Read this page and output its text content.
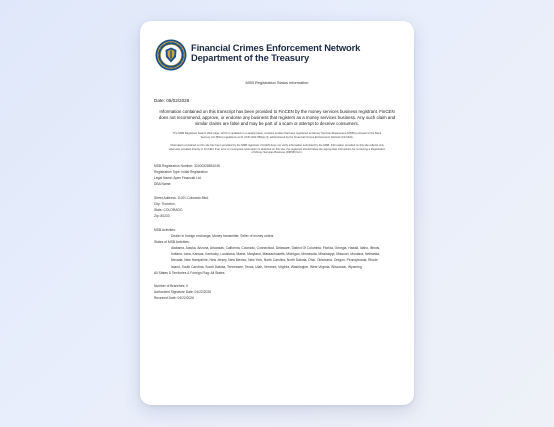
Financial Crimes Enforcement Network
Department of the Treasury
MSB Registration Status Information
Date: 05/02/2026
Information contained on this transcript has been provided to FinCEN by the money services business registrant. FinCEN does not recommend, approve, or endorse any business that registers as a money services business. Any such claim and similar claims are false and may be part of a scam or attempt to deceive consumers.
The MSB Registrant Search Web page, which is updated on a weekly basis, contains entities that have registered as Money Services Businesses (MSBs) pursuant to the Bank Secrecy Act (BSA) regulations at 31 CFR 1022.380(a)-(f), administered by the Financial Crimes Enforcement Network (FinCEN).
Information contained on this site has been provided by the MSB registrant. FinCEN does not verify information submitted by the MSB. Information provided on this site reflects only what was provided directly to FinCEN. If an error or incomplete information is detected on this site, the registrant should follow the appropriate instructions for correcting a Registration of Money Services Business (RMSB) form.
MSB Registration Number: 31000328551045
Registration Type: Initial Registration
Legal Name: Apex Financial Ltd.
DBA Name:
Street Address: 1130 I Colorado Blvd.
City: Thornton,
State: COLORADO
Zip: 80233
MSB Activities:
Dealer in foreign exchange, Money transmitter, Seller of money orders
States of MSB Activities:
Alabama, Alaska, Arizona, Arkansas, California, Colorado, Connecticut, Delaware, District Of Columbia, Florida, Georgia, Hawaii, Idaho, Illinois, Indiana, Iowa, Kansas, Kentucky, Louisiana, Maine, Maryland, Massachusetts, Michigan, Minnesota, Mississippi, Missouri, Montana, Nebraska, Nevada, New Hampshire, New Jersey, New Mexico, New York, North Carolina, North Dakota, Ohio, Oklahoma, Oregon, Pennsylvania, Rhode Island, South Carolina, South Dakota, Tennessee, Texas, Utah, Vermont, Virginia, Washington, West Virginia, Wisconsin, Wyoming
All States & Territories & Foreign Flag: All States
Number of Branches: 0
Authorized Signature Date: 04/22/2026
Received Date: 04/22/2026
